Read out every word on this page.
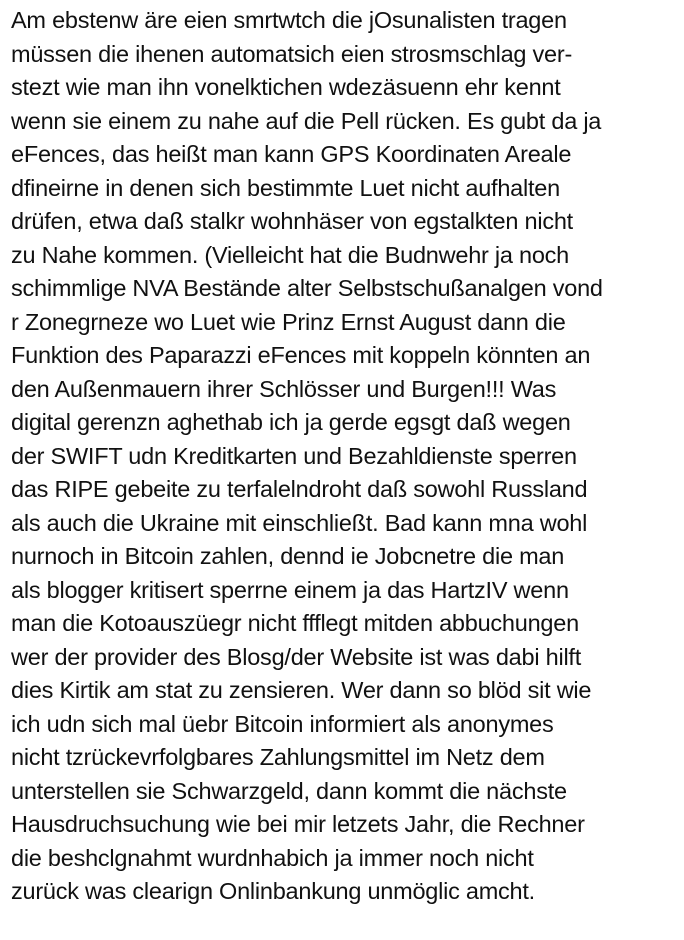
Am ebstenw äre eien smrtwtch die jOsunalisten tragen
müssen die ihenen automatsich eien strosmschlag ver-
stezt wie man ihn vonelktichen wdezäsuenn ehr kennt
wenn sie einem zu nahe auf die Pell rücken. Es gubt da ja
eFences, das heißt man kann GPS Koordinaten Areale
dfineirne in denen sich bestimmte Luet nicht aufhalten
drüfen, etwa daß stalkr wohnhäser von egstalkten nicht
zu Nahe kommen. (Vielleicht hat die Budnwehr ja noch
schimmlige NVA Bestände alter Selbstschußanalgen vond
r Zonegrneze wo Luet wie Prinz Ernst August dann die
Funktion des Paparazzi eFences mit koppeln könnten an
den Außenmauern ihrer Schlösser und Burgen!!! Was
digital gerenzn aghethab ich ja gerde egsgt daß wegen
der SWIFT udn Kreditkarten und Bezahldienste sperren
das RIPE gebeite zu terfalelndroht daß sowohl Russland
als auch die Ukraine mit einschließt. Bad kann mna wohl
nurnoch in Bitcoin zahlen, dennd ie Jobcnetre die man
als blogger kritisert sperrne einem ja das HartzIV wenn
man die Kotoauszüegr nicht ffflegt mitden abbuchungen
wer der provider des Blosg/der Website ist was dabi hilft
dies Kirtik am stat zu zensieren. Wer dann so blöd sit wie
ich udn sich mal üebr Bitcoin informiert als anonymes
nicht tzrückevrfolgbares Zahlungsmittel im Netz dem
unterstellen sie Schwarzgeld, dann kommt die nächste
Hausdruchsuchung wie bei mir letzets Jahr, die Rechner
die beshclgnahmt wurdnhabich ja immer noch nicht
zurück was clearign Onlinbankung unmöglic amcht.
